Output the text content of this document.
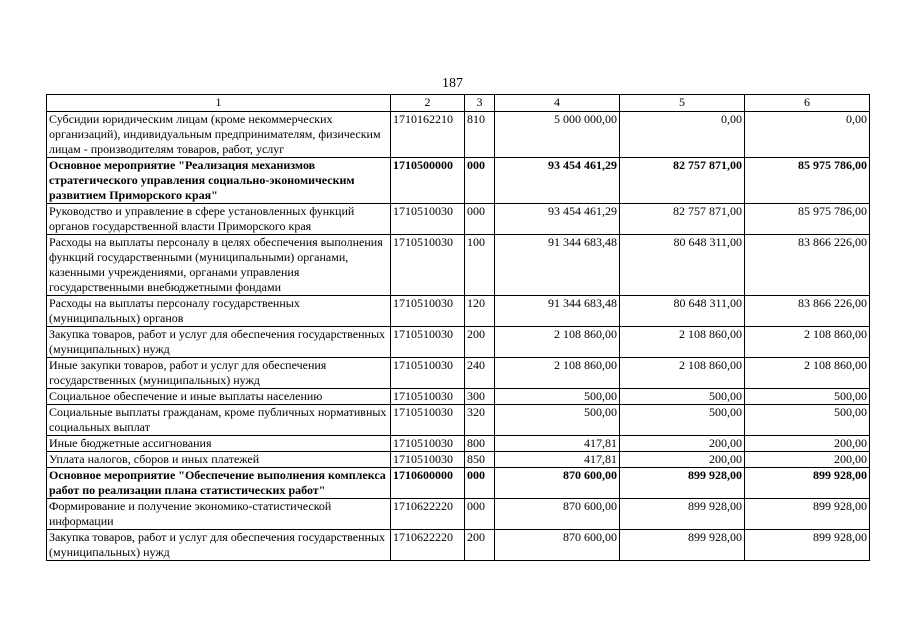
187
1	2	3	4	5	6
Субсидии юридическим лицам (кроме некоммерческих организаций), индивидуальным предпринимателям, физическим лицам - производителям товаров, работ, услуг	1710162210	810	5 000 000,00	0,00	0,00
Основное мероприятие "Реализация механизмов стратегического управления социально-экономическим развитием Приморского края"	1710500000	000	93 454 461,29	82 757 871,00	85 975 786,00
Руководство и управление в сфере установленных функций органов государственной власти Приморского края	1710510030	000	93 454 461,29	82 757 871,00	85 975 786,00
Расходы на выплаты персоналу в целях обеспечения выполнения функций государственными (муниципальными) органами, казенными учреждениями, органами управления государственными внебюджетными фондами	1710510030	100	91 344 683,48	80 648 311,00	83 866 226,00
Расходы на выплаты персоналу государственных (муниципальных) органов	1710510030	120	91 344 683,48	80 648 311,00	83 866 226,00
Закупка товаров, работ и услуг для обеспечения государственных (муниципальных) нужд	1710510030	200	2 108 860,00	2 108 860,00	2 108 860,00
Иные закупки товаров, работ и услуг для обеспечения государственных (муниципальных) нужд	1710510030	240	2 108 860,00	2 108 860,00	2 108 860,00
Социальное обеспечение и иные выплаты населению	1710510030	300	500,00	500,00	500,00
Социальные выплаты гражданам, кроме публичных нормативных социальных выплат	1710510030	320	500,00	500,00	500,00
Иные бюджетные ассигнования	1710510030	800	417,81	200,00	200,00
Уплата налогов, сборов и иных платежей	1710510030	850	417,81	200,00	200,00
Основное мероприятие "Обеспечение выполнения комплекса работ по реализации плана статистических работ"	1710600000	000	870 600,00	899 928,00	899 928,00
Формирование и получение экономико-статистической информации	1710622220	000	870 600,00	899 928,00	899 928,00
Закупка товаров, работ и услуг для обеспечения государственных (муниципальных) нужд	1710622220	200	870 600,00	899 928,00	899 928,00
